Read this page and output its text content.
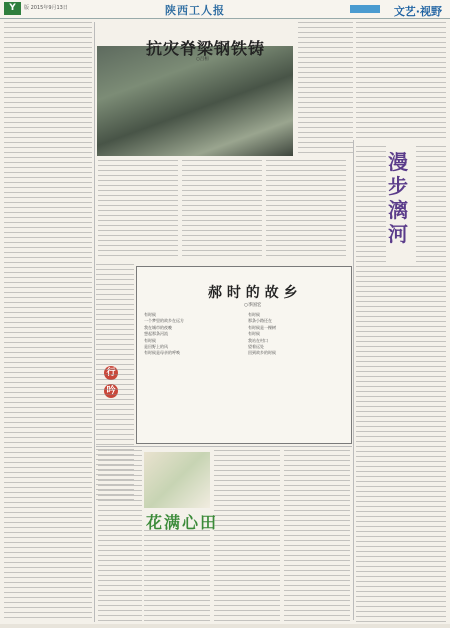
Y	版 2015年9月13日	陕西工人报	文艺·视野
抗灾脊梁钢铁铸
○吕桓
行
吟
郝 时 的 故 乡
○李国宏
有时候
一个梦里的故乡在远方
我在城市的夜晚
想起那条河流
有时候
是田野上的风
有时候是母亲的呼唤
有时候
那条小路还在
有时候是一棵树
有时候
我站在村口
望着远处
回到故乡的时候
漫步漓河
花满心田
